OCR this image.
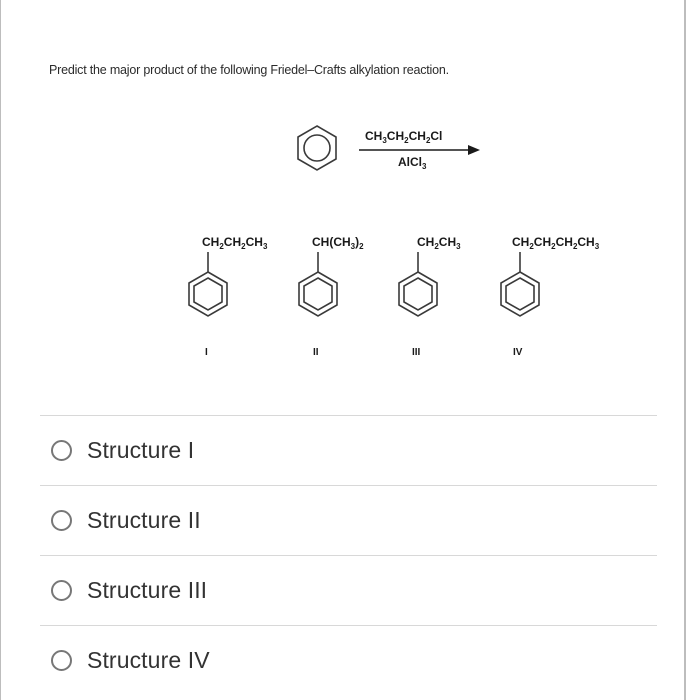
Predict the major product of the following Friedel–Crafts alkylation reaction.
$CH_3CH_2CH_2Cl$
AlCl$_3$
$CH_2CH_2CH_3$
I
$CH(CH_3)_2$
II
$CH_2CH_3$
III
$CH_2CH_2CH_2CH_3$
IV
Structure I
Structure II
Structure III
Structure IV
